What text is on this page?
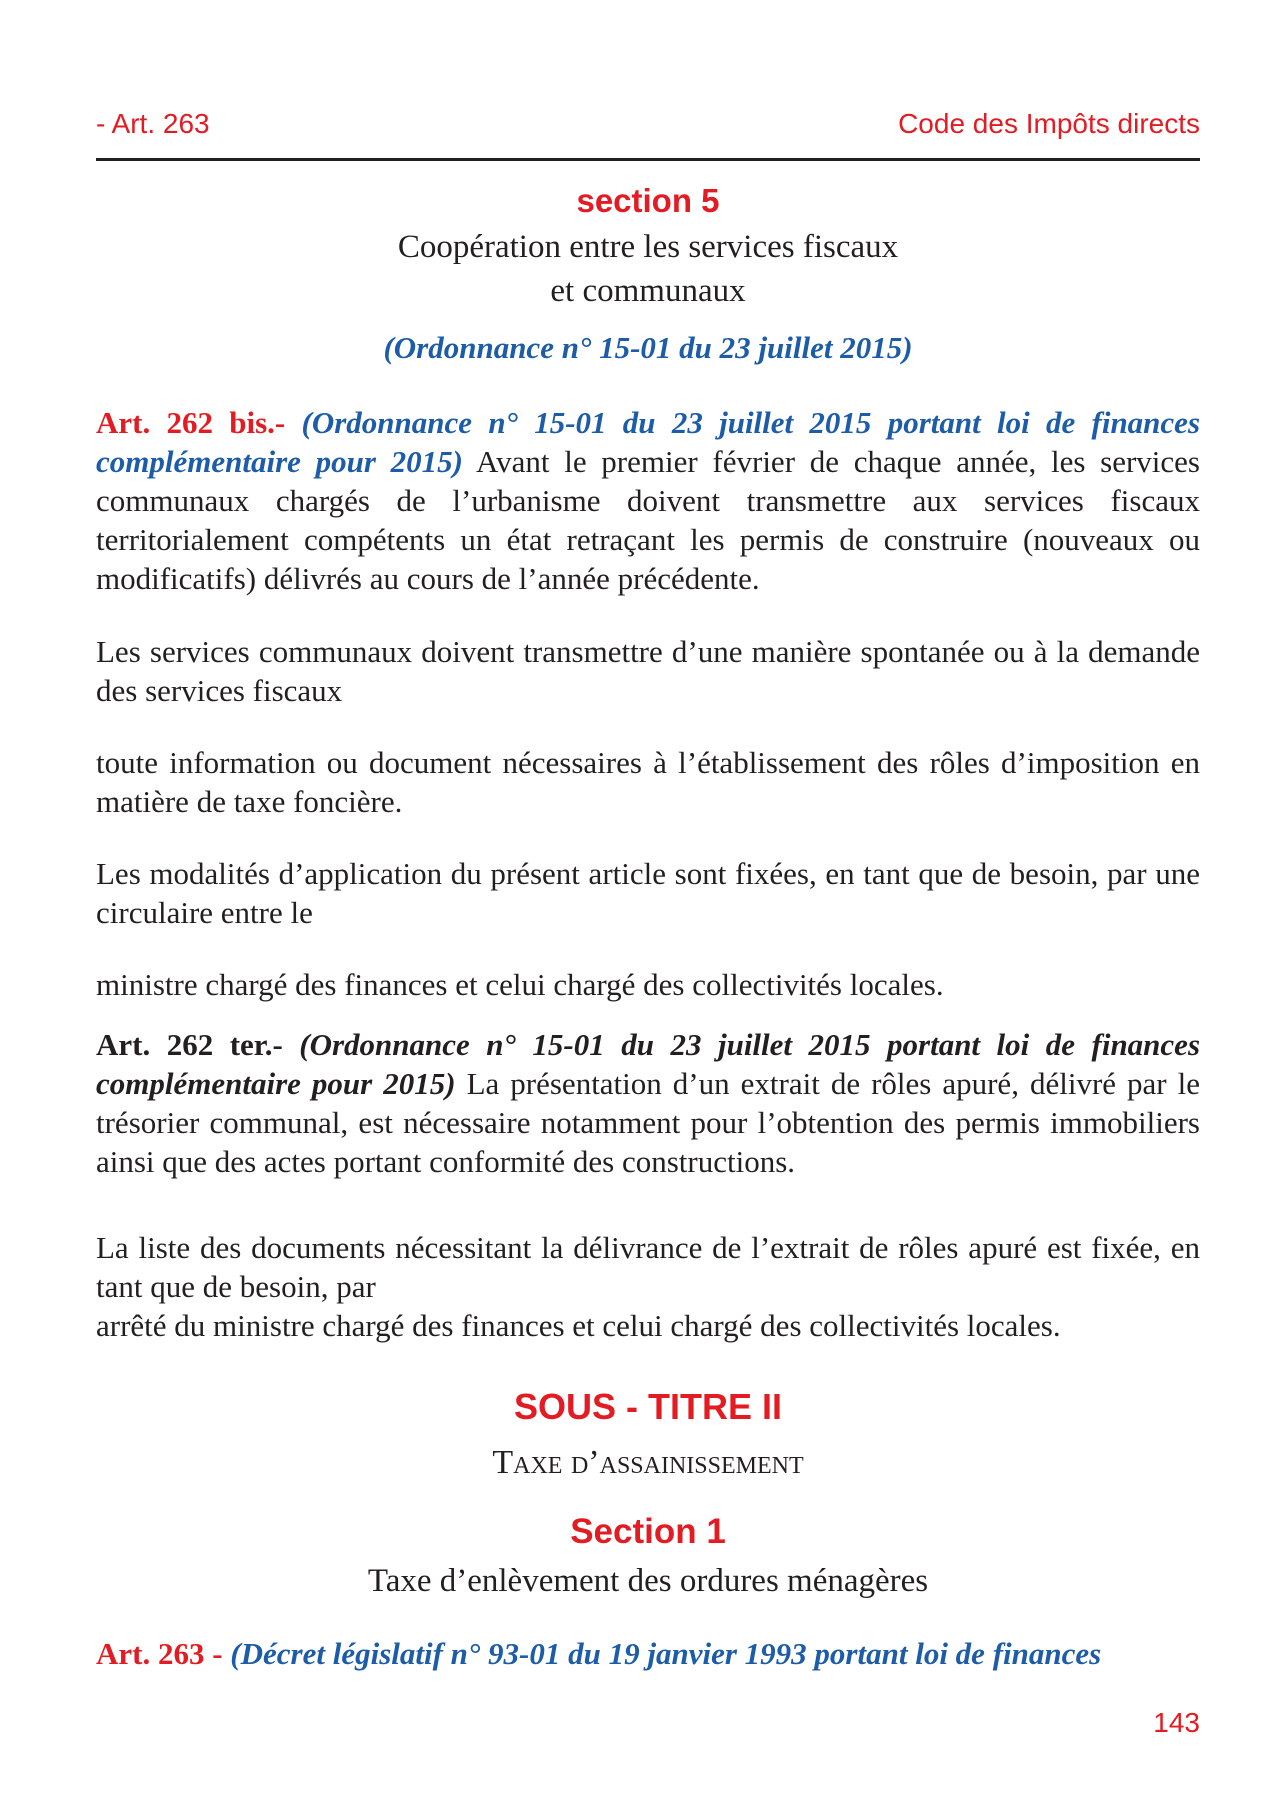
- Art. 263	Code des Impôts directs
section 5
Coopération entre les services fiscaux
et communaux
(Ordonnance n° 15-01 du 23 juillet 2015)
Art. 262 bis.- (Ordonnance n° 15-01 du 23 juillet 2015 portant loi de finances complémentaire pour 2015) Avant le premier février de chaque année, les services communaux chargés de l’urbanisme doivent transmettre aux services fiscaux territorialement compétents un état retraçant les permis de construire (nouveaux ou modificatifs) délivrés au cours de l’année précédente.
Les services communaux doivent transmettre d’une manière spontanée ou à la demande des services fiscaux
toute information ou document nécessaires à l’établissement des rôles d’imposition en matière de taxe foncière.
Les modalités d’application du présent article sont fixées, en tant que de besoin, par une circulaire entre le
ministre chargé des finances et celui chargé des collectivités locales.
Art. 262 ter.- (Ordonnance n° 15-01 du 23 juillet 2015 portant loi de finances complémentaire pour 2015) La présentation d’un extrait de rôles apuré, délivré par le trésorier communal, est nécessaire notamment pour l’obtention des permis immobiliers ainsi que des actes portant conformité des constructions.
La liste des documents nécessitant la délivrance de l’extrait de rôles apuré est fixée, en tant que de besoin, par
arrêté du ministre chargé des finances et celui chargé des collectivités locales.
SOUS - TITRE II
Taxe d’assainissement
Section 1
Taxe d’enlèvement des ordures ménagères
Art. 263 - (Décret législatif n° 93-01 du 19 janvier 1993 portant loi de finances
143
